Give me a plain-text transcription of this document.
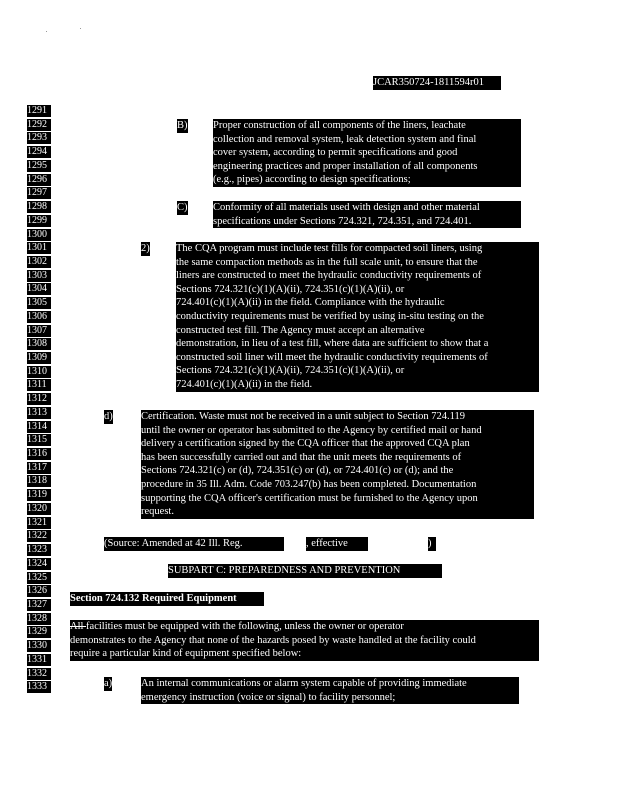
JCAR350724-1811594r01
1291
1292
1293
1294
1295
1296
1297
1298
1299
1300
1301
1302
1303
1304
1305
1306
1307
1308
1309
1310
1311
1312
1313
1314
1315
1316
1317
1318
1319
1320
1321
1322
1323
1324
1325
1326
1327
1328
1329
1330
1331
1332
1333
B) Proper construction of all components of the liners, leachate
collection and removal system, leak detection system and final
cover system, according to permit specifications and good
engineering practices and proper installation of all components
(e.g., pipes) according to design specifications;
C) Conformity of all materials used with design and other material
specifications under Sections 724.321, 724.351, and 724.401.
2)	The CQA program must include test fills for compacted soil liners, using
the same compaction methods as in the full scale unit, to ensure that the
liners are constructed to meet the hydraulic conductivity requirements of
Sections 724.321(c)(1)(A)(ii), 724.351(c)(1)(A)(ii), or
724.401(c)(1)(A)(ii) in the field. Compliance with the hydraulic
conductivity requirements must be verified by using in-situ testing on the
constructed test fill. The Agency must accept an alternative
demonstration, in lieu of a test fill, where data are sufficient to show that a
constructed soil liner will meet the hydraulic conductivity requirements of
Sections 724.321(c)(1)(A)(ii), 724.351(c)(1)(A)(ii), or
724.401(c)(1)(A)(ii) in the field.
d)	Certification. Waste must not be received in a unit subject to Section 724.119
until the owner or operator has submitted to the Agency by certified mail or hand
delivery a certification signed by the CQA officer that the approved CQA plan
has been successfully carried out and that the unit meets the requirements of
Sections 724.321(c) or (d), 724.351(c) or (d), or 724.401(c) or (d); and the
procedure in 35 Ill. Adm. Code 703.247(b) has been completed. Documentation
supporting the CQA officer's certification must be furnished to the Agency upon
request.
(Source: Amended at 42 Ill. Reg.	, effective	)
SUBPART C: PREPAREDNESS AND PREVENTION
Section 724.132 Required Equipment
All facilities must be equipped with the following, unless the owner or operator
demonstrates to the Agency that none of the hazards posed by waste handled at the facility could
require a particular kind of equipment specified below:
a)	An internal communications or alarm system capable of providing immediate
emergency instruction (voice or signal) to facility personnel;
